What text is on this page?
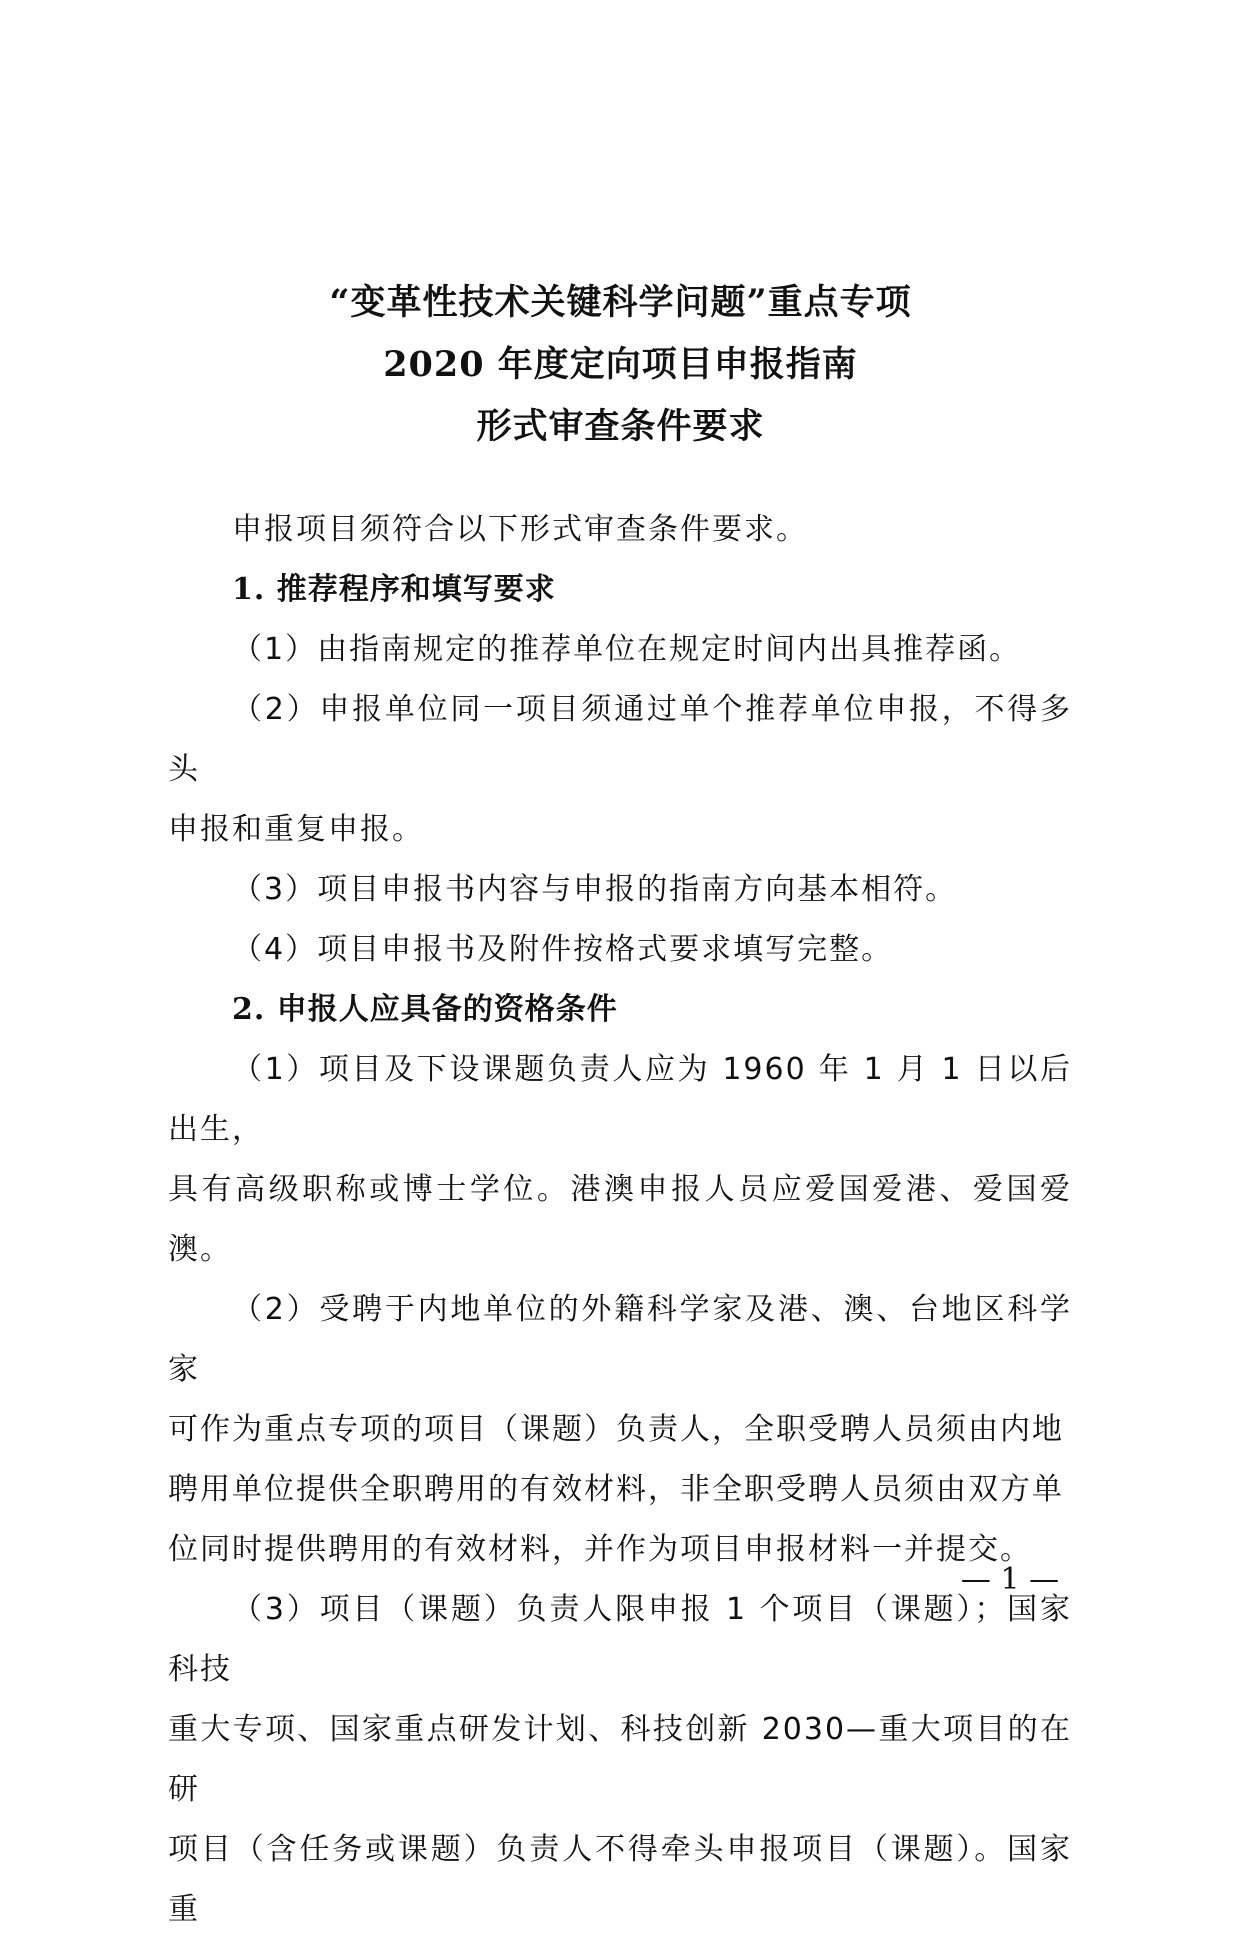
“变革性技术关键科学问题”重点专项
2020 年度定向项目申报指南
形式审查条件要求

申报项目须符合以下形式审查条件要求。

1. 推荐程序和填写要求

（1）由指南规定的推荐单位在规定时间内出具推荐函。

（2）申报单位同一项目须通过单个推荐单位申报，不得多头
申报和重复申报。

（3）项目申报书内容与申报的指南方向基本相符。

（4）项目申报书及附件按格式要求填写完整。

2. 申报人应具备的资格条件

（1）项目及下设课题负责人应为 1960 年 1 月 1 日以后出生，
具有高级职称或博士学位。港澳申报人员应爱国爱港、爱国爱澳。

（2）受聘于内地单位的外籍科学家及港、澳、台地区科学家
可作为重点专项的项目（课题）负责人，全职受聘人员须由内地
聘用单位提供全职聘用的有效材料，非全职受聘人员须由双方单
位同时提供聘用的有效材料，并作为项目申报材料一并提交。

（3）项目（课题）负责人限申报 1 个项目（课题）；国家科技
重大专项、国家重点研发计划、科技创新 2030—重大项目的在研
项目（含任务或课题）负责人不得牵头申报项目（课题）。国家重

— 1 —
